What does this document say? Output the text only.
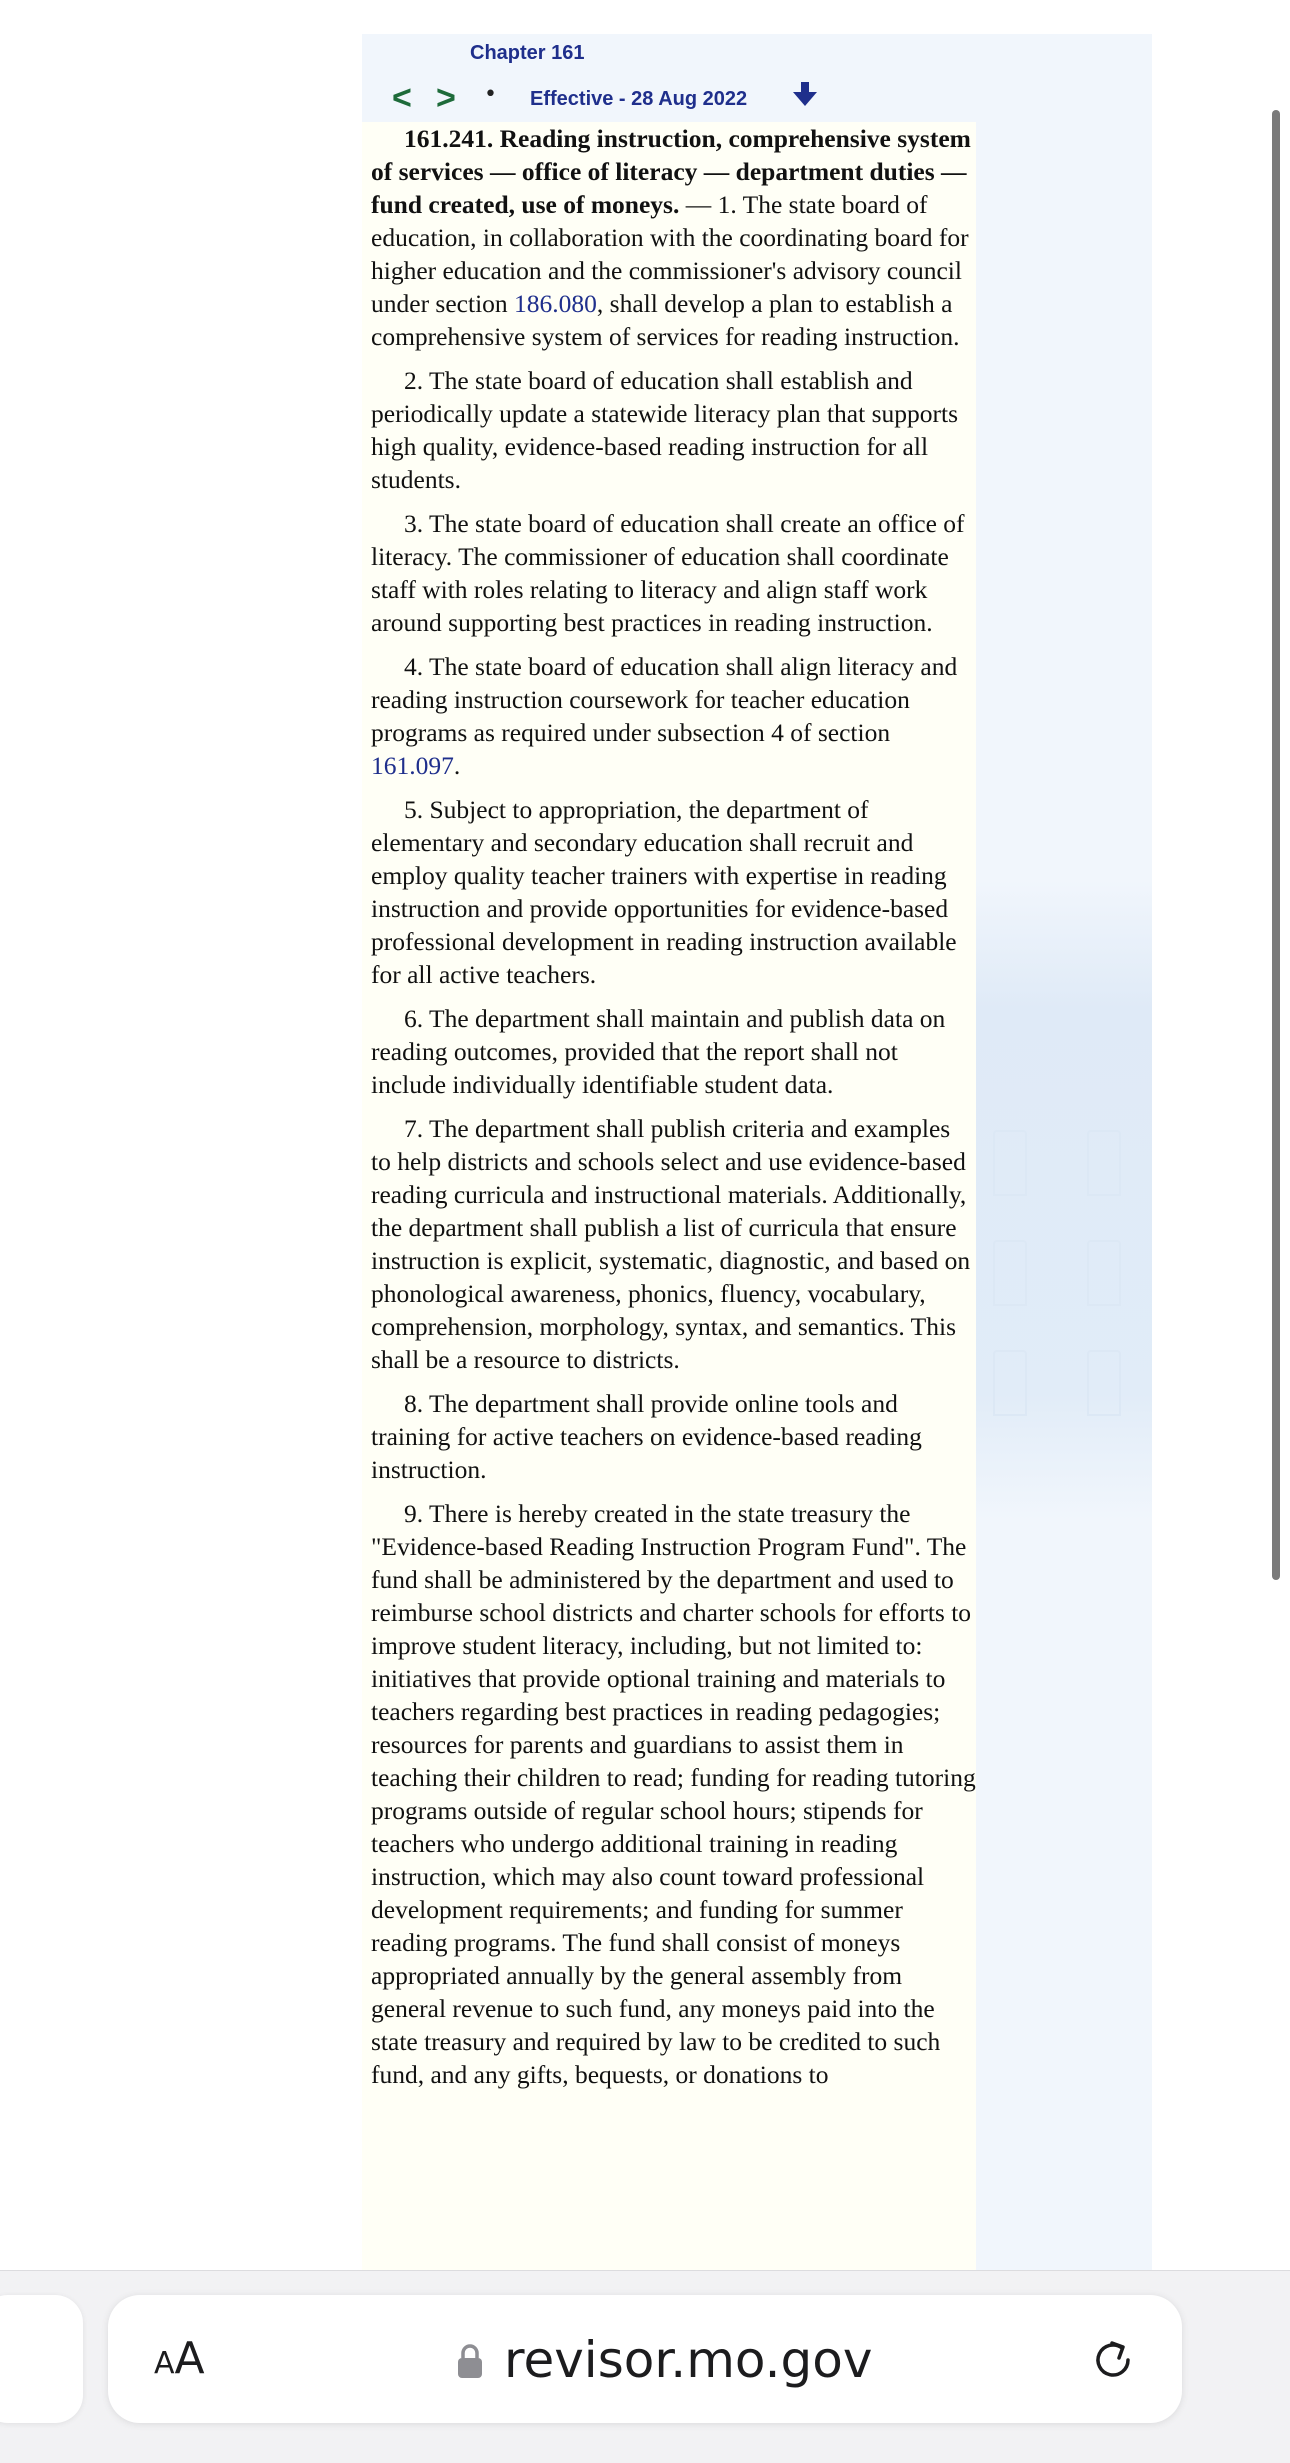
Chapter 161
< > • Effective - 28 Aug 2022

161.241. Reading instruction, comprehensive system of services — office of literacy — department duties — fund created, use of moneys. — 1. The state board of education, in collaboration with the coordinating board for higher education and the commissioner's advisory council under section 186.080, shall develop a plan to establish a comprehensive system of services for reading instruction.

2. The state board of education shall establish and periodically update a statewide literacy plan that supports high quality, evidence-based reading instruction for all students.

3. The state board of education shall create an office of literacy. The commissioner of education shall coordinate staff with roles relating to literacy and align staff work around supporting best practices in reading instruction.

4. The state board of education shall align literacy and reading instruction coursework for teacher education programs as required under subsection 4 of section 161.097.

5. Subject to appropriation, the department of elementary and secondary education shall recruit and employ quality teacher trainers with expertise in reading instruction and provide opportunities for evidence-based professional development in reading instruction available for all active teachers.

6. The department shall maintain and publish data on reading outcomes, provided that the report shall not include individually identifiable student data.

7. The department shall publish criteria and examples to help districts and schools select and use evidence-based reading curricula and instructional materials. Additionally, the department shall publish a list of curricula that ensure instruction is explicit, systematic, diagnostic, and based on phonological awareness, phonics, fluency, vocabulary, comprehension, morphology, syntax, and semantics. This shall be a resource to districts.

8. The department shall provide online tools and training for active teachers on evidence-based reading instruction.

9. There is hereby created in the state treasury the "Evidence-based Reading Instruction Program Fund". The fund shall be administered by the department and used to reimburse school districts and charter schools for efforts to improve student literacy, including, but not limited to: initiatives that provide optional training and materials to teachers regarding best practices in reading pedagogies; resources for parents and guardians to assist them in teaching their children to read; funding for reading tutoring programs outside of regular school hours; stipends for teachers who undergo additional training in reading instruction, which may also count toward professional development requirements; and funding for summer reading programs. The fund shall consist of moneys appropriated annually by the general assembly from general revenue to such fund, any moneys paid into the state treasury and required by law to be credited to such fund, and any gifts, bequests, or donations to

AA	revisor.mo.gov
